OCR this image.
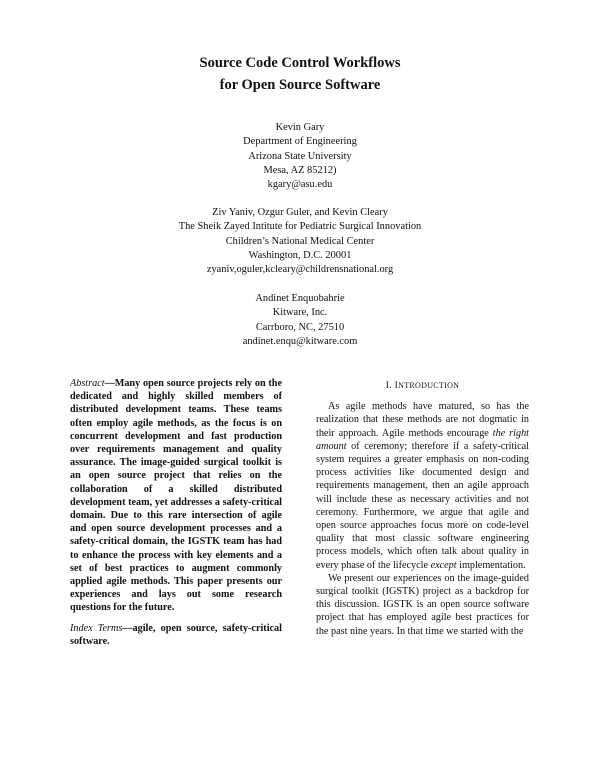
Source Code Control Workflows
for Open Source Software
Kevin Gary
Department of Engineering
Arizona State University
Mesa, AZ 85212)
kgary@asu.edu
Ziv Yaniv, Ozgur Guler, and Kevin Cleary
The Sheik Zayed Intitute for Pediatric Surgical Innovation
Children’s National Medical Center
Washington, D.C. 20001
zyaniv,oguler,kcleary@childrensnational.org
Andinet Enquobahrie
Kitware, Inc.
Carrboro, NC, 27510
andinet.enqu@kitware.com

Abstract—Many open source projects rely on the dedicated and highly skilled members of distributed development teams. These teams often employ agile methods, as the focus is on concurrent development and fast production over requirements management and quality assurance. The image-guided surgical toolkit is an open source project that relies on the collaboration of a skilled distributed development team, yet addresses a safety-critical domain. Due to this rare intersection of agile and open source development processes and a safety-critical domain, the IGSTK team has had to enhance the process with key elements and a set of best practices to augment commonly applied agile methods. This paper presents our experiences and lays out some research questions for the future.

Index Terms—agile, open source, safety-critical software.

I. INTRODUCTION

As agile methods have matured, so has the realization that these methods are not dogmatic in their approach. Agile methods encourage the right amount of ceremony; therefore if a safety-critical system requires a greater emphasis on non-coding process activities like documented design and requirements management, then an agile approach will include these as necessary activities and not ceremony. Furthermore, we argue that agile and open source approaches focus more on code-level quality that most classic software engineering process models, which often talk about quality in every phase of the lifecycle except implementation.

We present our experiences on the image-guided surgical toolkit (IGSTK) project as a backdrop for this discussion. IGSTK is an open source software project that has employed agile best practices for the past nine years. In that time we started with the
